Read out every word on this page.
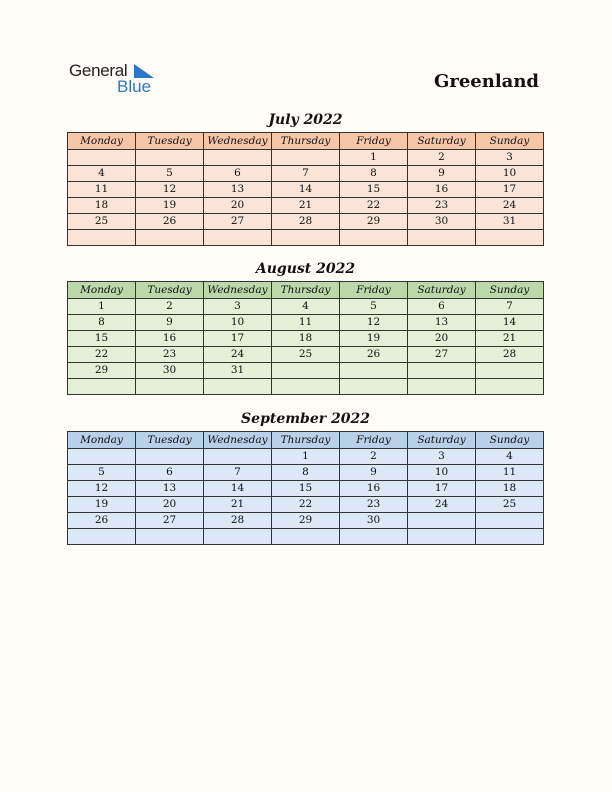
General
Blue	Greenland
July 2022
Monday	Tuesday	Wednesday	Thursday	Friday	Saturday	Sunday
				1	2	3
4	5	6	7	8	9	10
11	12	13	14	15	16	17
18	19	20	21	22	23	24
25	26	27	28	29	30	31

August 2022
Monday	Tuesday	Wednesday	Thursday	Friday	Saturday	Sunday
1	2	3	4	5	6	7
8	9	10	11	12	13	14
15	16	17	18	19	20	21
22	23	24	25	26	27	28
29	30	31				

September 2022
Monday	Tuesday	Wednesday	Thursday	Friday	Saturday	Sunday
			1	2	3	4
5	6	7	8	9	10	11
12	13	14	15	16	17	18
19	20	21	22	23	24	25
26	27	28	29	30		
